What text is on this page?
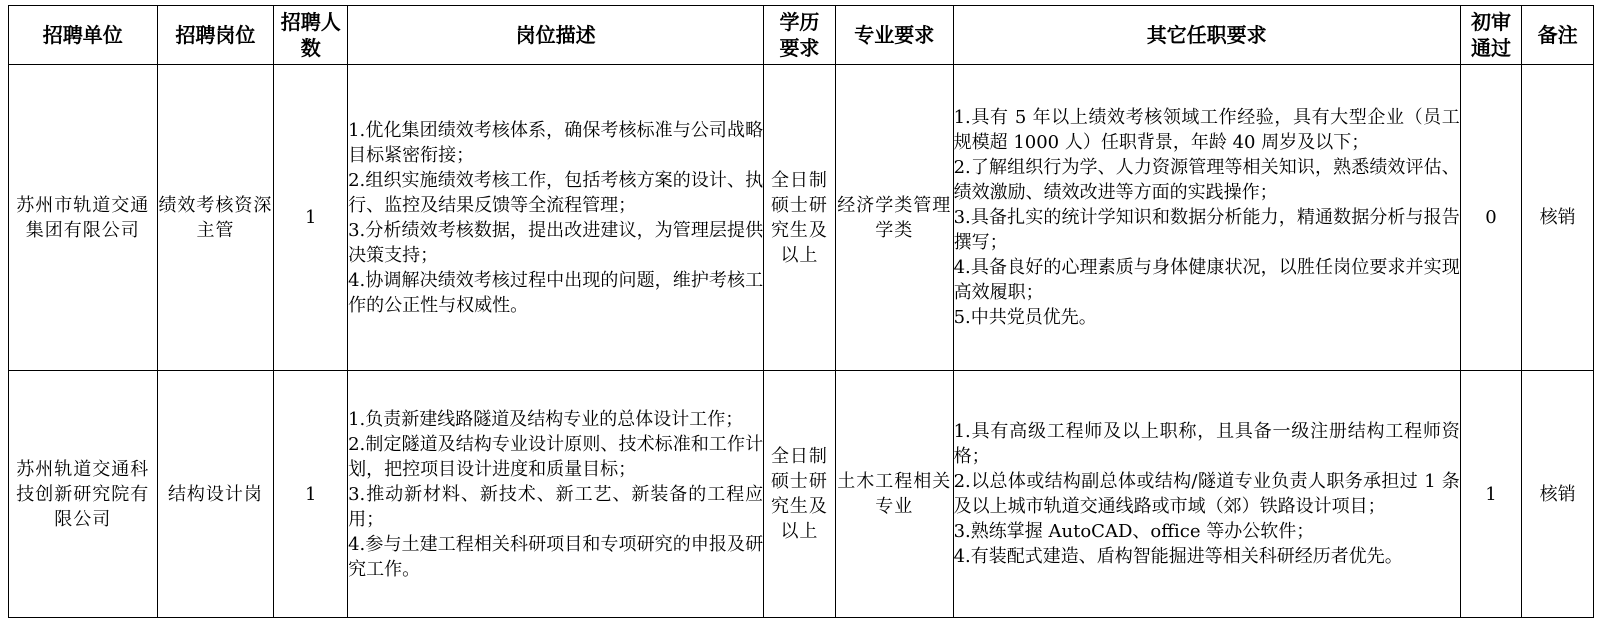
招聘单位	招聘岗位	招聘人数	岗位描述	学历要求	专业要求	其它任职要求	初审通过	备注
苏州市轨道交通集团有限公司	绩效考核资深主管	1	1.优化集团绩效考核体系，确保考核标准与公司战略目标紧密衔接；
2.组织实施绩效考核工作，包括考核方案的设计、执行、监控及结果反馈等全流程管理；
3.分析绩效考核数据，提出改进建议，为管理层提供决策支持；
4.协调解决绩效考核过程中出现的问题，维护考核工作的公正性与权威性。	全日制硕士研究生及以上	经济学类管理学类	1.具有 5 年以上绩效考核领域工作经验，具有大型企业（员工规模超 1000 人）任职背景，年龄 40 周岁及以下；
2.了解组织行为学、人力资源管理等相关知识，熟悉绩效评估、绩效激励、绩效改进等方面的实践操作；
3.具备扎实的统计学知识和数据分析能力，精通数据分析与报告撰写；
4.具备良好的心理素质与身体健康状况，以胜任岗位要求并实现高效履职；
5.中共党员优先。	0	核销
苏州轨道交通科技创新研究院有限公司	结构设计岗	1	1.负责新建线路隧道及结构专业的总体设计工作；
2.制定隧道及结构专业设计原则、技术标准和工作计划，把控项目设计进度和质量目标；
3.推动新材料、新技术、新工艺、新装备的工程应用；
4.参与土建工程相关科研项目和专项研究的申报及研究工作。	全日制硕士研究生及以上	土木工程相关专业	1.具有高级工程师及以上职称，且具备一级注册结构工程师资格；
2.以总体或结构副总体或结构/隧道专业负责人职务承担过 1 条及以上城市轨道交通线路或市域（郊）铁路设计项目；
3.熟练掌握 AutoCAD、office 等办公软件；
4.有装配式建造、盾构智能掘进等相关科研经历者优先。	1	核销
